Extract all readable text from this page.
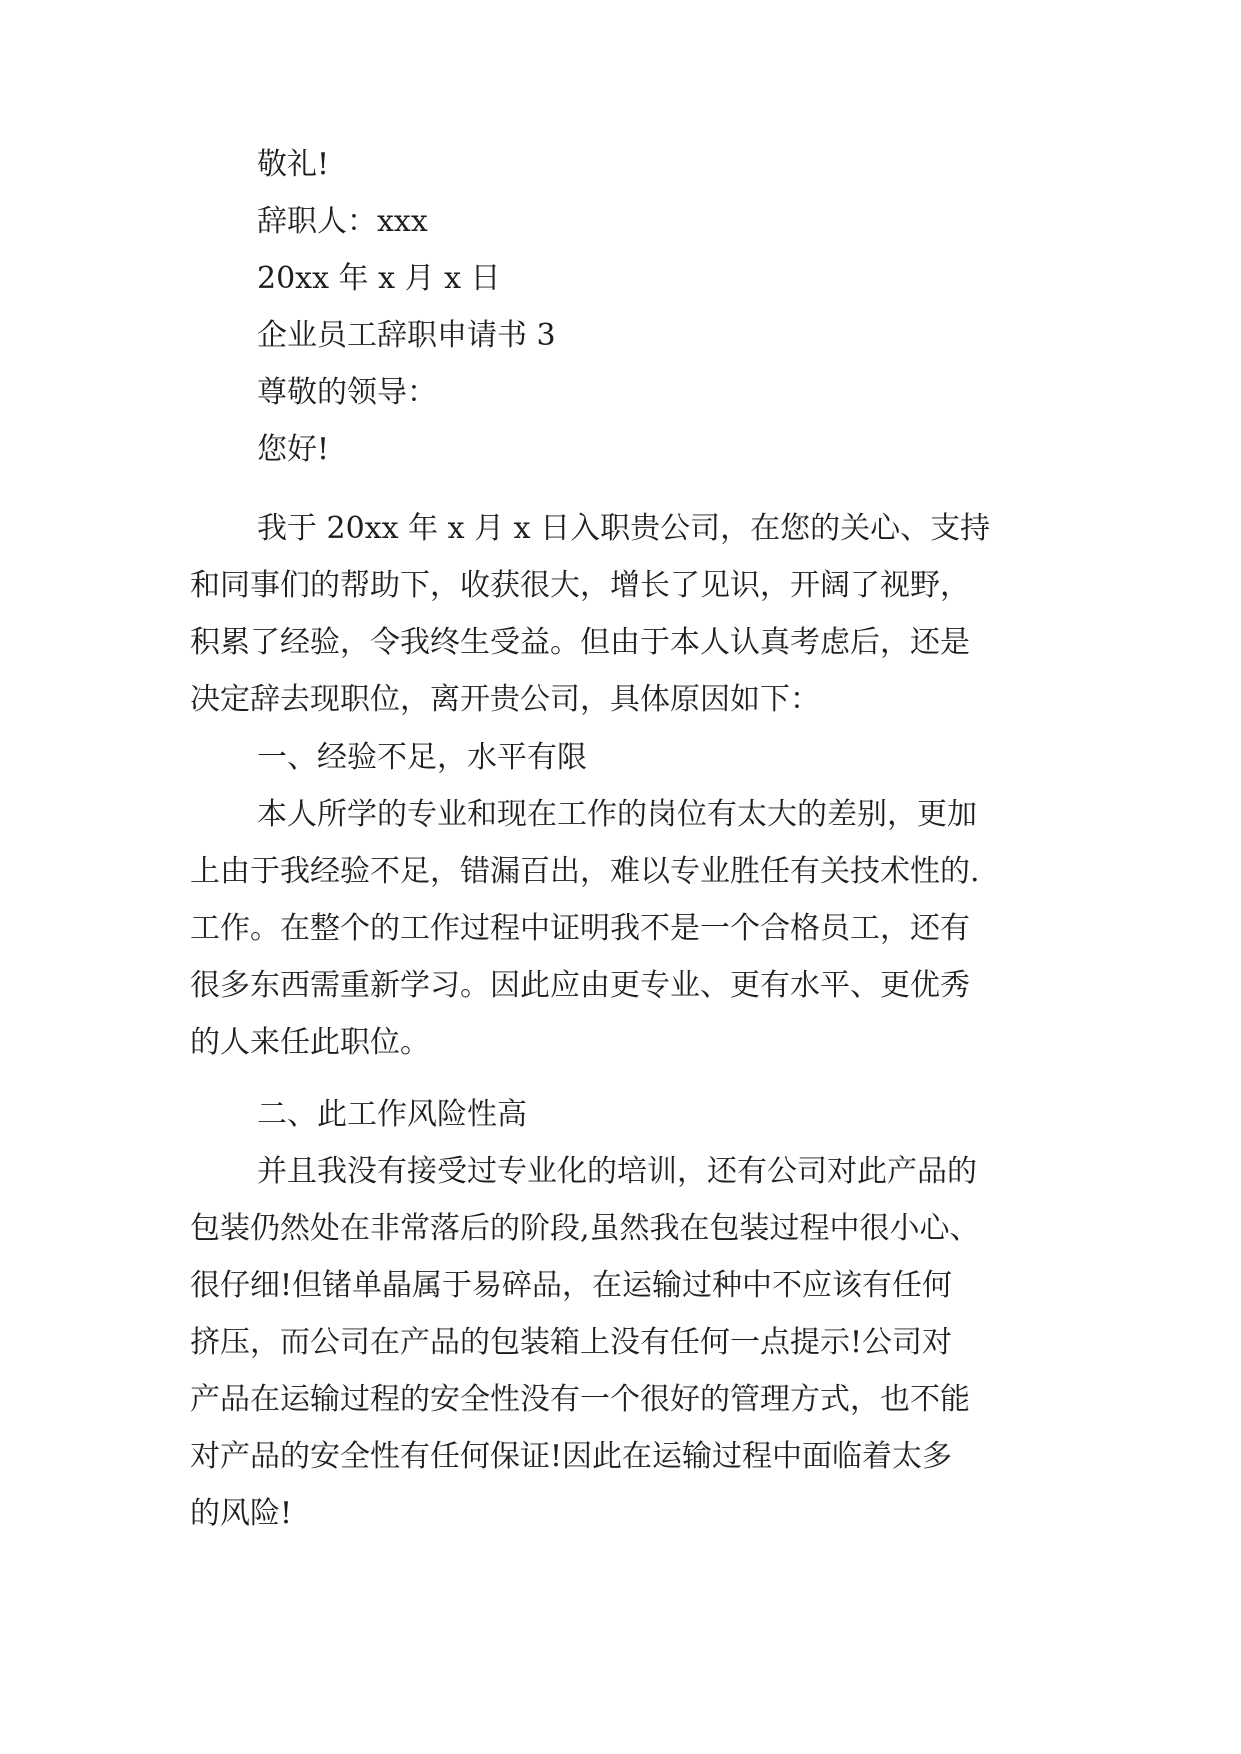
敬礼!

辞职人：xxx

20xx 年 x 月 x 日

企业员工辞职申请书 3

尊敬的领导：

您好!

我于 20xx 年 x 月 x 日入职贵公司，在您的关心、支持

和同事们的帮助下，收获很大，增长了见识，开阔了视野，

积累了经验，令我终生受益。但由于本人认真考虑后，还是

决定辞去现职位，离开贵公司，具体原因如下：

一、经验不足，水平有限

本人所学的专业和现在工作的岗位有太大的差别，更加

上由于我经验不足，错漏百出，难以专业胜任有关技术性的.

工作。在整个的工作过程中证明我不是一个合格员工，还有

很多东西需重新学习。因此应由更专业、更有水平、更优秀

的人来任此职位。

二、此工作风险性高

并且我没有接受过专业化的培训，还有公司对此产品的

包装仍然处在非常落后的阶段,虽然我在包装过程中很小心、

很仔细!但锗单晶属于易碎品，在运输过种中不应该有任何

挤压，而公司在产品的包装箱上没有任何一点提示!公司对

产品在运输过程的安全性没有一个很好的管理方式，也不能

对产品的安全性有任何保证!因此在运输过程中面临着太多

的风险!
